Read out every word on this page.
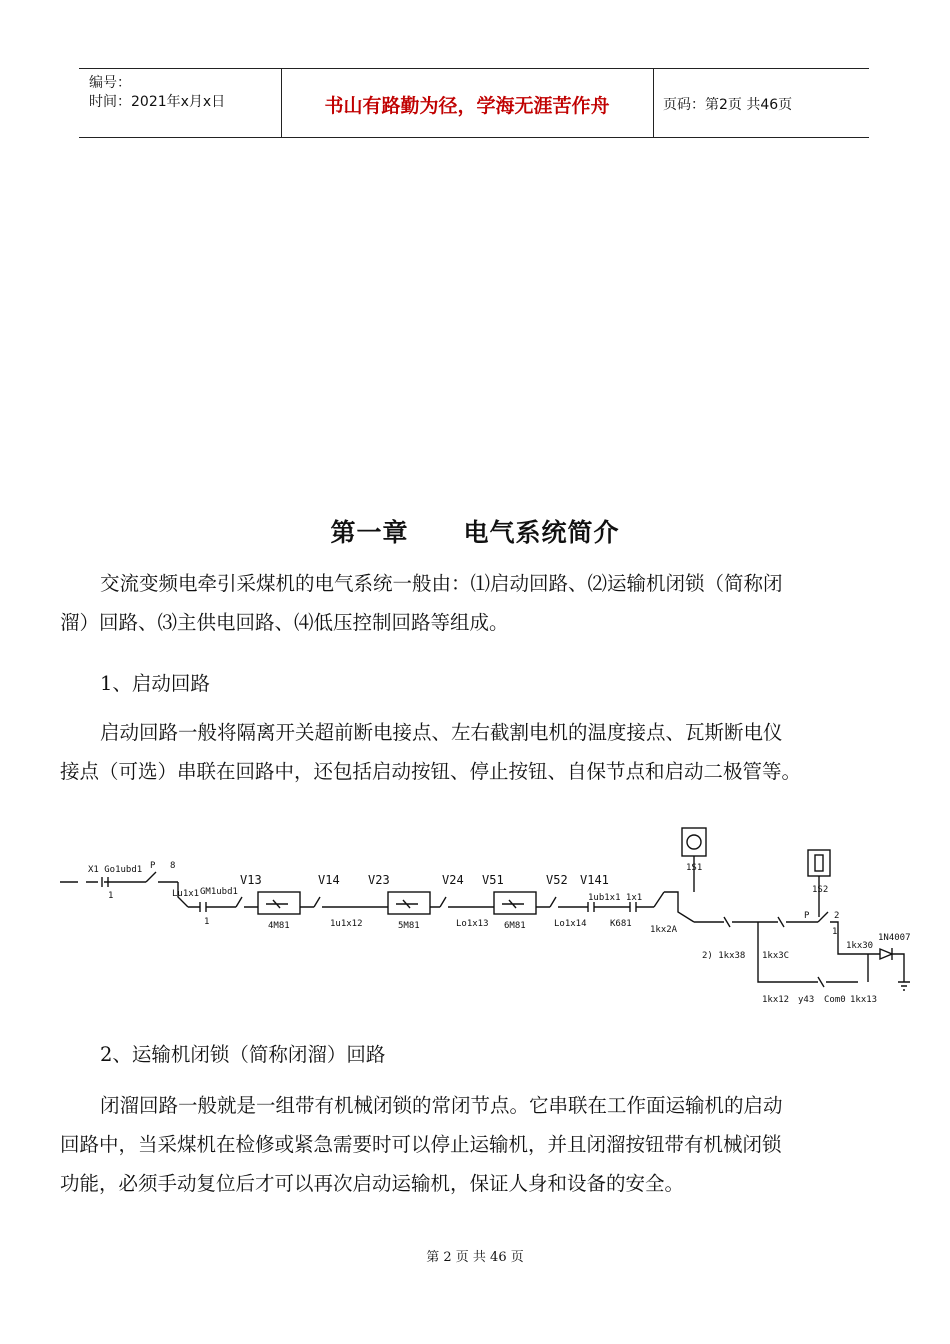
编号：
时间：2021年x月x日	书山有路勤为径，学海无涯苦作舟	页码：第2页 共46页
第一章 电气系统简介

交流变频电牵引采煤机的电气系统一般由：⑴启动回路、⑵运输机闭锁（简称闭

溜）回路、⑶主供电回路、⑷低压控制回路等组成。

1、启动回路

启动回路一般将隔离开关超前断电接点、左右截割电机的温度接点、瓦斯断电仪

接点（可选）串联在回路中，还包括启动按钮、停止按钮、自保节点和启动二极管等。

X1 Go1ubd1
1
P 8
Lu1x1 GM1ubd1
1
V13
4M81
V14
1u1x12
V23
5M81
V24
Lo1x13
V51
6M81
V52
Lo1x14
V141
1ub1x1 1x1
K681
1kx2A
1S1
2) 1kx38 1kx3C
1S2
P	2
1
1kx30
1N4007
1kx12 y43 Com0 1kx13

2、运输机闭锁（简称闭溜）回路

闭溜回路一般就是一组带有机械闭锁的常闭节点。它串联在工作面运输机的启动

回路中，当采煤机在检修或紧急需要时可以停止运输机，并且闭溜按钮带有机械闭锁

功能，必须手动复位后才可以再次启动运输机，保证人身和设备的安全。

第 2 页 共 46 页
